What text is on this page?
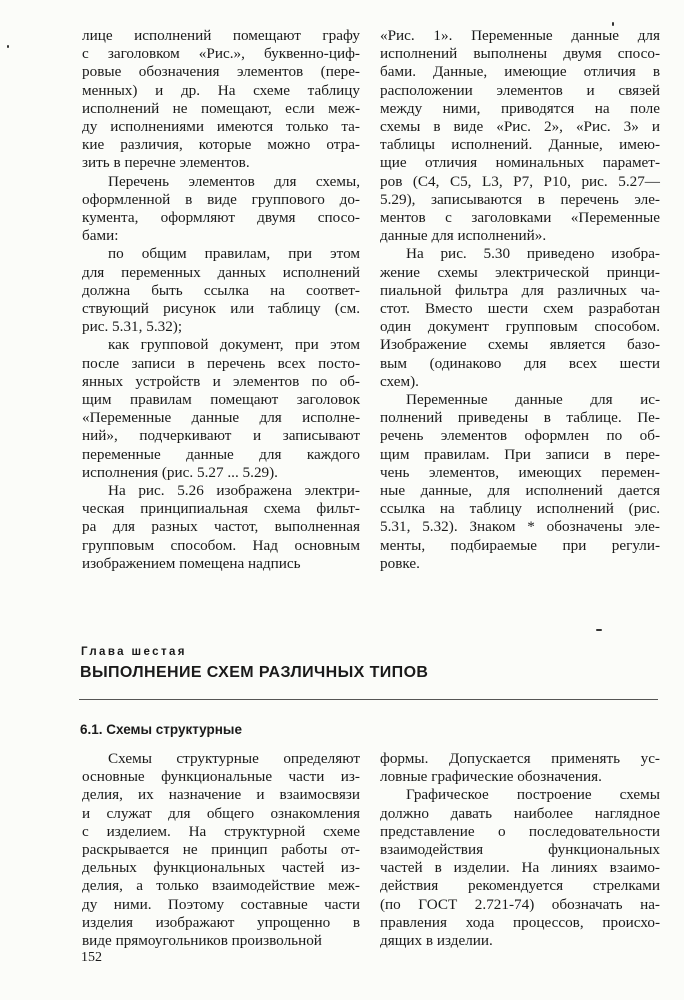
лице исполнений помещают графу
с заголовком «Рис.», буквенно-циф-
ровые обозначения элементов (пере-
менных) и др. На схеме таблицу
исполнений не помещают, если меж-
ду исполнениями имеются только та-
кие различия, которые можно отра-
зить в перечне элементов.

Перечень элементов для схемы,
оформленной в виде группового до-
кумента, оформляют двумя спосо-
бами:

по общим правилам, при этом
для переменных данных исполнений
должна быть ссылка на соответ-
ствующий рисунок или таблицу (см.
рис. 5.31, 5.32);

как групповой документ, при этом
после записи в перечень всех посто-
янных устройств и элементов по об-
щим правилам помещают заголовок
«Переменные данные для исполне-
ний», подчеркивают и записывают
переменные данные для каждого
исполнения (рис. 5.27 ... 5.29).

На рис. 5.26 изображена электри-
ческая принципиальная схема фильт-
ра для разных частот, выполненная
групповым способом. Над основным
изображением помещена надпись

«Рис. 1». Переменные данные для
исполнений выполнены двумя спосо-
бами. Данные, имеющие отличия в
расположении элементов и связей
между ними, приводятся на поле
схемы в виде «Рис. 2», «Рис. 3» и
таблицы исполнений. Данные, имею-
щие отличия номинальных парамет-
ров (C4, C5, L3, P7, P10, рис. 5.27—
5.29), записываются в перечень эле-
ментов с заголовками «Переменные
данные для исполнений».

На рис. 5.30 приведено изобра-
жение схемы электрической принци-
пиальной фильтра для различных ча-
стот. Вместо шести схем разработан
один документ групповым способом.
Изображение схемы является базо-
вым (одинаково для всех шести
схем).

Переменные данные для ис-
полнений приведены в таблице. Пе-
речень элементов оформлен по об-
щим правилам. При записи в пере-
чень элементов, имеющих перемен-
ные данные, для исполнений дается
ссылка на таблицу исполнений (рис.
5.31, 5.32). Знаком * обозначены эле-
менты, подбираемые при регули-
ровке.

Глава шестая
ВЫПОЛНЕНИЕ СХЕМ РАЗЛИЧНЫХ ТИПОВ
6.1. Схемы структурные

Схемы структурные определяют
основные функциональные части из-
делия, их назначение и взаимосвязи
и служат для общего ознакомления
с изделием. На структурной схеме
раскрывается не принцип работы от-
дельных функциональных частей из-
делия, а только взаимодействие меж-
ду ними. Поэтому составные части
изделия изображают упрощенно в
виде прямоугольников произвольной

формы. Допускается применять ус-
ловные графические обозначения.

Графическое построение схемы
должно давать наиболее наглядное
представление о последовательности
взаимодействия функциональных
частей в изделии. На линиях взаимо-
действия рекомендуется стрелками
(по ГОСТ 2.721-74) обозначать на-
правления хода процессов, происхо-
дящих в изделии.

152
